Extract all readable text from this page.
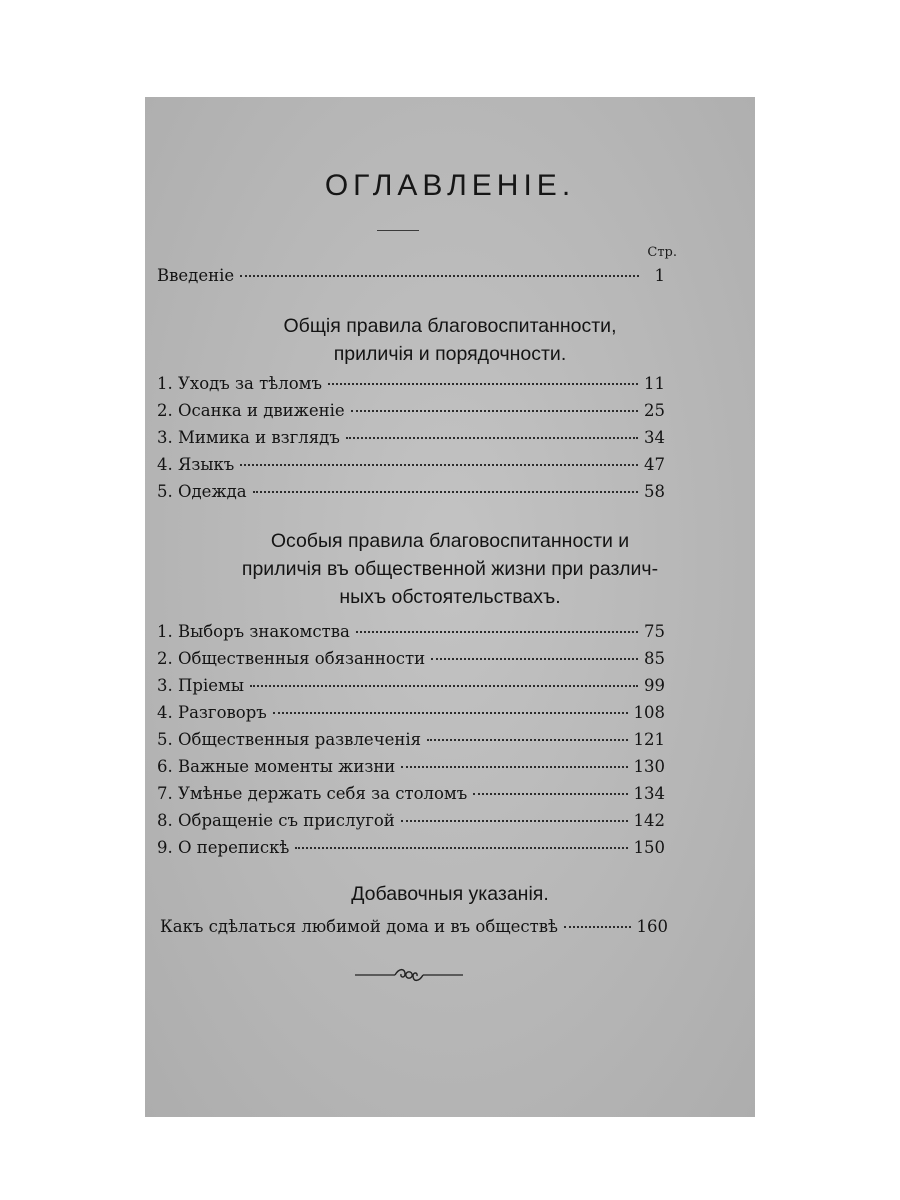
ОГЛАВЛЕНІЕ.
Стр.
Введеніе	1
Общія правила благовоспитанности,
приличія и порядочности.
1. Уходъ за тѣломъ	11
2. Осанка и движеніе	25
3. Мимика и взглядъ	34
4. Языкъ	47
5. Одежда	58
Особыя правила благовоспитанности и
приличія въ общественной жизни при различ-
ныхъ обстоятельствахъ.
1. Выборъ знакомства	75
2. Общественныя обязанности	85
3. Пріемы	99
4. Разговоръ	108
5. Общественныя развлеченія	121
6. Важные моменты жизни	130
7. Умѣнье держать себя за столомъ	134
8. Обращеніе съ прислугой	142
9. О перепискѣ	150
Добавочныя указанія.
Какъ сдѣлаться любимой дома и въ обществѣ	160
